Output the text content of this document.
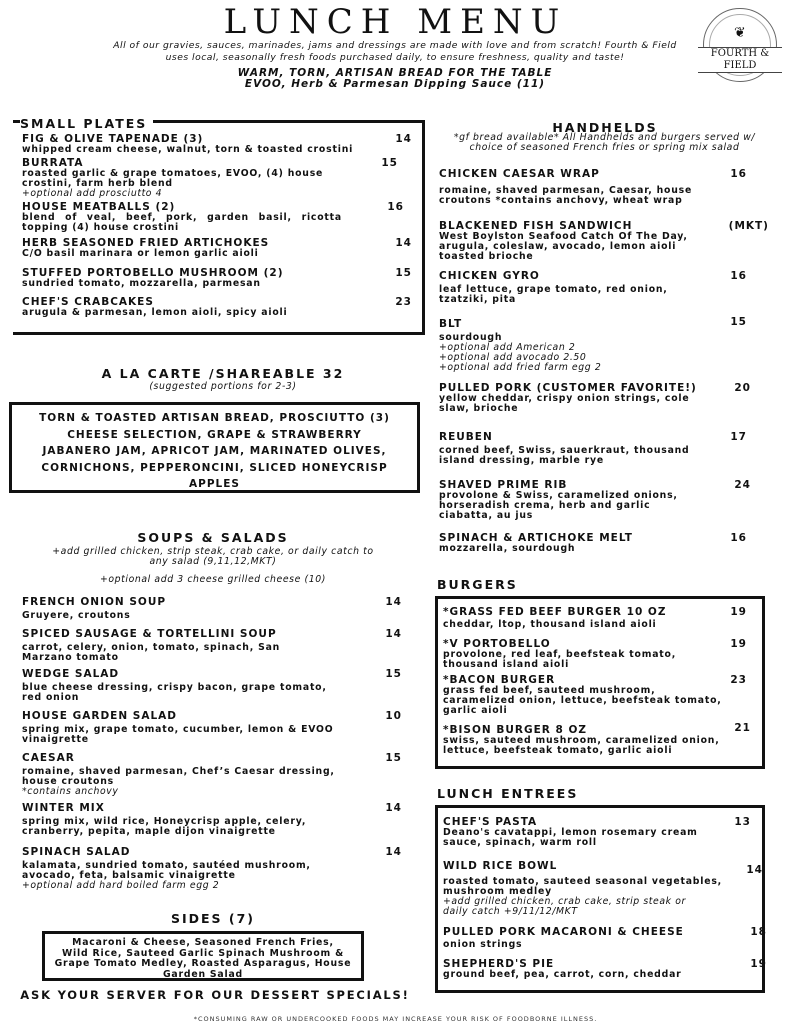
LUNCH MENU
All of our gravies, sauces, marinades, jams and dressings are made with love and from scratch! Fourth & Field
uses local, seasonally fresh foods purchased daily, to ensure freshness, quality and taste!
WARM, TORN, ARTISAN BREAD FOR THE TABLE
EVOO, Herb & Parmesan Dipping Sauce (11)
❦
FOURTH & FIELD
SMALL PLATES
FIG & OLIVE TAPENADE (3)
whipped cream cheese, walnut, torn & toasted crostini
14
BURRATA
roasted garlic & grape tomatoes, EVOO, (4) house
crostini, farm herb blend
+optional add prosciutto 4
15
HOUSE MEATBALLS (2)
blend of veal, beef, pork, garden basil, ricotta
topping (4) house crostini
16
HERB SEASONED FRIED ARTICHOKES
C/O basil marinara or lemon garlic aioli
14
STUFFED PORTOBELLO MUSHROOM (2)
sundried tomato, mozzarella, parmesan
15
CHEF'S CRABCAKES
arugula & parmesan, lemon aioli, spicy aioli
23
A LA CARTE /SHAREABLE 32
(suggested portions for 2-3)
TORN & TOASTED ARTISAN BREAD, PROSCIUTTO (3)
CHEESE SELECTION, GRAPE & STRAWBERRY
JABANERO JAM, APRICOT JAM, MARINATED OLIVES,
CORNICHONS, PEPPERONCINI, SLICED HONEYCRISP
APPLES
SOUPS & SALADS
+add grilled chicken, strip steak, crab cake, or daily catch to
any salad (9,11,12,MKT)
+optional add 3 cheese grilled cheese (10)
FRENCH ONION SOUP
Gruyere, croutons
14
SPICED SAUSAGE & TORTELLINI SOUP
carrot, celery, onion, tomato, spinach, San
Marzano tomato
14
WEDGE SALAD
blue cheese dressing, crispy bacon, grape tomato,
red onion
15
HOUSE GARDEN SALAD
spring mix, grape tomato, cucumber, lemon & EVOO
vinaigrette
10
CAESAR
romaine, shaved parmesan, Chef’s Caesar dressing,
house croutons
*contains anchovy
15
WINTER MIX
spring mix, wild rice, Honeycrisp apple, celery,
cranberry, pepita, maple dijon vinaigrette
14
SPINACH SALAD
kalamata, sundried tomato, sautéed mushroom,
avocado, feta, balsamic vinaigrette
+optional add hard boiled farm egg 2
14
SIDES (7)
Macaroni & Cheese, Seasoned French Fries,
Wild Rice, Sauteed Garlic Spinach Mushroom &
Grape Tomato Medley, Roasted Asparagus, House
Garden Salad
ASK YOUR SERVER FOR OUR DESSERT SPECIALS!
HANDHELDS
*gf bread available* All Handhelds and burgers served w/
choice of seasoned French fries or spring mix salad
CHICKEN CAESAR WRAP
romaine, shaved parmesan, Caesar, house
croutons *contains anchovy, wheat wrap
16
BLACKENED FISH SANDWICH
West Boylston Seafood Catch Of The Day,
arugula, coleslaw, avocado, lemon aioli
toasted brioche
(MKT)
CHICKEN GYRO
leaf lettuce, grape tomato, red onion,
tzatziki, pita
16
BLT
sourdough
+optional add American 2
+optional add avocado 2.50
+optional add fried farm egg 2
15
PULLED PORK (CUSTOMER FAVORITE!)
yellow cheddar, crispy onion strings, cole
slaw, brioche
20
REUBEN
corned beef, Swiss, sauerkraut, thousand
island dressing, marble rye
17
SHAVED PRIME RIB
provolone & Swiss, caramelized onions,
horseradish crema, herb and garlic
ciabatta, au jus
24
SPINACH & ARTICHOKE MELT
mozzarella, sourdough
16
BURGERS
*GRASS FED BEEF BURGER 10 OZ
cheddar, ltop, thousand island aioli
19
*V PORTOBELLO
provolone, red leaf, beefsteak tomato,
thousand island aioli
19
*BACON BURGER
grass fed beef, sauteed mushroom,
caramelized onion, lettuce, beefsteak tomato,
garlic aioli
23
*BISON BURGER 8 OZ
swiss, sauteed mushroom, caramelized onion,
lettuce, beefsteak tomato, garlic aioli
21
LUNCH ENTREES
CHEF'S PASTA
Deano's cavatappi, lemon rosemary cream
sauce, spinach, warm roll
13
WILD RICE BOWL
roasted tomato, sauteed seasonal vegetables,
mushroom medley
+add grilled chicken, crab cake, strip steak or
daily catch +9/11/12/MKT
14
PULLED PORK MACARONI & CHEESE
onion strings
18
SHEPHERD'S PIE
ground beef, pea, carrot, corn, cheddar
19
*CONSUMING RAW OR UNDERCOOKED FOODS MAY INCREASE YOUR RISK OF FOODBORNE ILLNESS.
